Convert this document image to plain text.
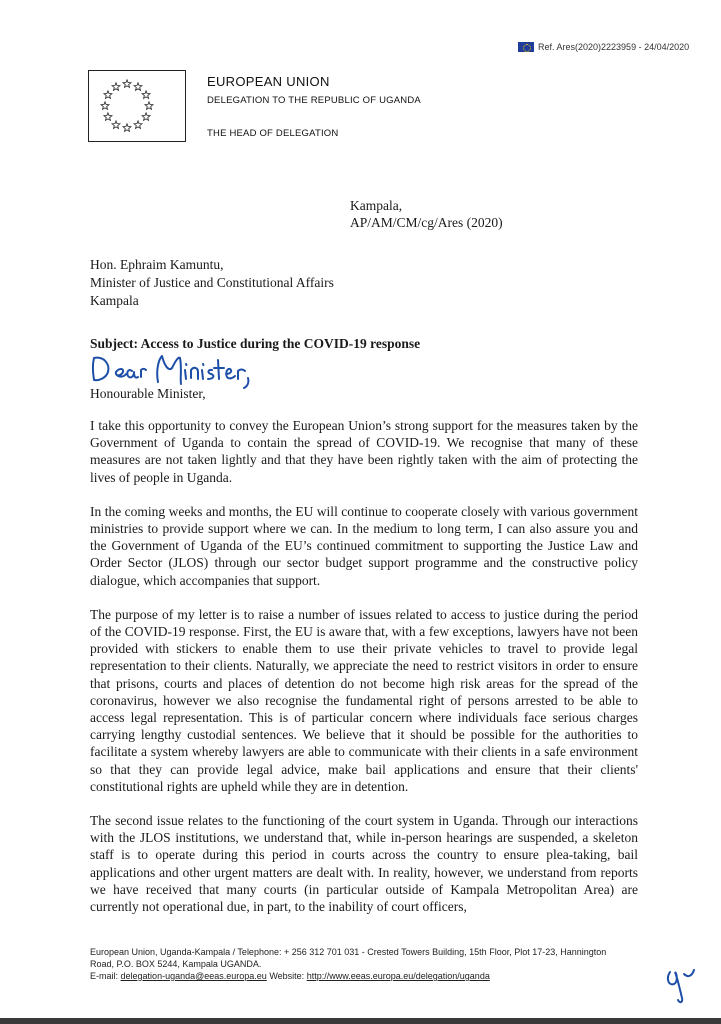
Ref. Ares(2020)2223959 - 24/04/2020

EUROPEAN UNION

DELEGATION TO THE REPUBLIC OF UGANDA

THE HEAD OF DELEGATION

Kampala,
AP/AM/CM/cg/Ares (2020)
Hon. Ephraim Kamuntu,
Minister of Justice and Constitutional Affairs
Kampala
Subject: Access to Justice during the COVID-19 response
Honourable Minister,

I take this opportunity to convey the European Union’s strong support for the measures taken by the Government of Uganda to contain the spread of COVID-19. We recognise that many of these measures are not taken lightly and that they have been rightly taken with the aim of protecting the lives of people in Uganda.

In the coming weeks and months, the EU will continue to cooperate closely with various government ministries to provide support where we can. In the medium to long term, I can also assure you and the Government of Uganda of the EU’s continued commitment to supporting the Justice Law and Order Sector (JLOS) through our sector budget support programme and the constructive policy dialogue, which accompanies that support.

The purpose of my letter is to raise a number of issues related to access to justice during the period of the COVID-19 response. First, the EU is aware that, with a few exceptions, lawyers have not been provided with stickers to enable them to use their private vehicles to travel to provide legal representation to their clients. Naturally, we appreciate the need to restrict visitors in order to ensure that prisons, courts and places of detention do not become high risk areas for the spread of the coronavirus, however we also recognise the fundamental right of persons arrested to be able to access legal representation. This is of particular concern where individuals face serious charges carrying lengthy custodial sentences. We believe that it should be possible for the authorities to facilitate a system whereby lawyers are able to communicate with their clients in a safe environment so that they can provide legal advice, make bail applications and ensure that their clients' constitutional rights are upheld while they are in detention.

The second issue relates to the functioning of the court system in Uganda. Through our interactions with the JLOS institutions, we understand that, while in-person hearings are suspended, a skeleton staff is to operate during this period in courts across the country to ensure plea-taking, bail applications and other urgent matters are dealt with. In reality, however, we understand from reports we have received that many courts (in particular outside of Kampala Metropolitan Area) are currently not operational due, in part, to the inability of court officers,

European Union, Uganda-Kampala / Telephone: + 256 312 701 031 - Crested Towers Building, 15th Floor, Plot 17-23, Hannington
Road, P.O. BOX 5244, Kampala UGANDA.
E-mail: delegation-uganda@eeas.europa.eu Website: http://www.eeas.europa.eu/delegation/uganda
